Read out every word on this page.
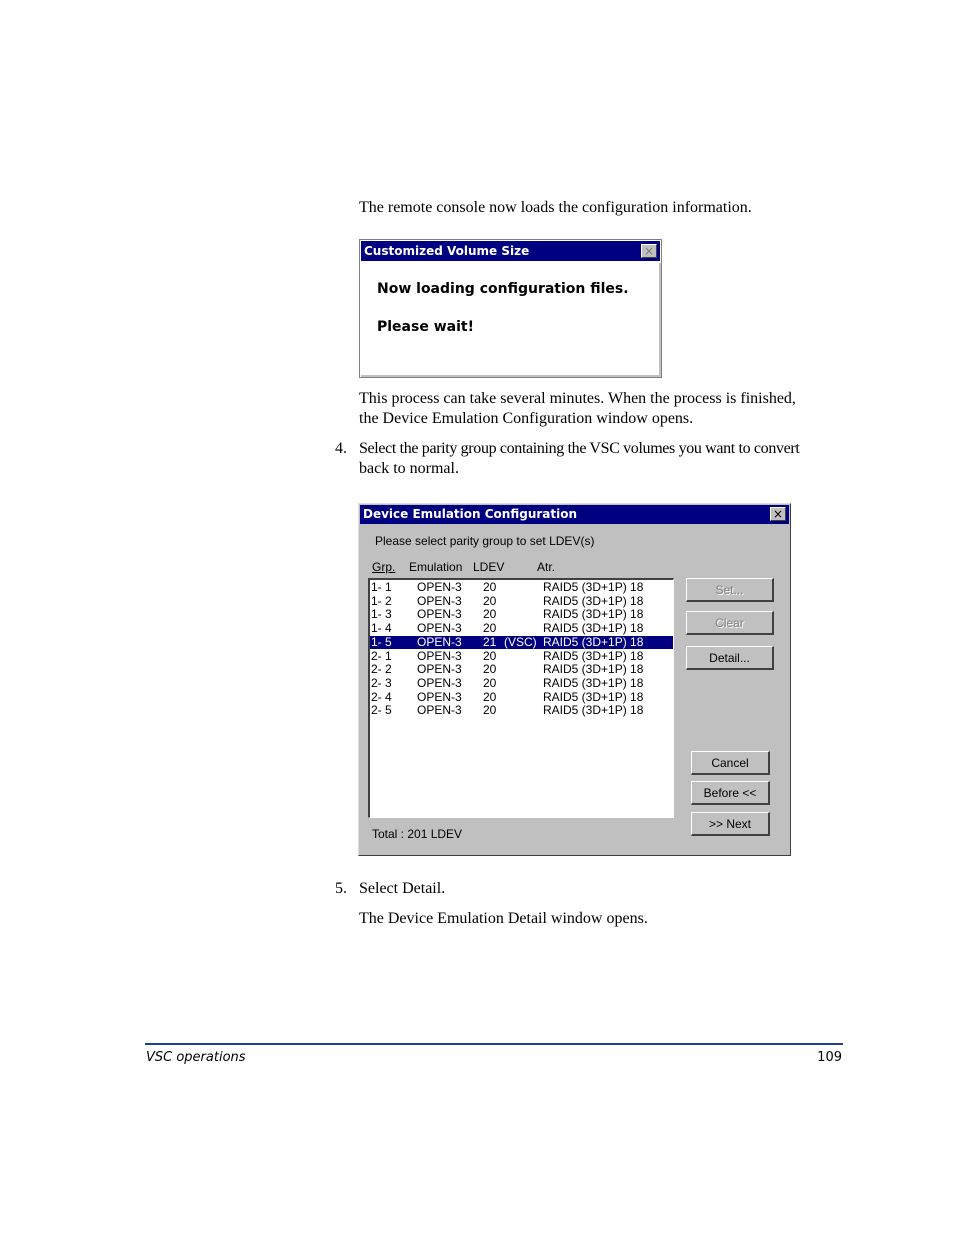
The remote console now loads the configuration information.

Customized Volume Size	×
Now loading configuration files.
Please wait!

This process can take several minutes. When the process is finished,

the Device Emulation Configuration window opens.

4. Select the parity group containing the VSC volumes you want to convert

back to normal.

Device Emulation Configuration	×
Please select parity group to set LDEV(s)
Grp. Emulation LDEV	Atr.
1- 1 OPEN-3 20	RAID5 (3D+1P) 18
1- 2 OPEN-3 20	RAID5 (3D+1P) 18
1- 3 OPEN-3 20	RAID5 (3D+1P) 18
1- 4 OPEN-3 20	RAID5 (3D+1P) 18
1- 5 OPEN-3 21 (VSC) RAID5 (3D+1P) 18
2- 1 OPEN-3 20	RAID5 (3D+1P) 18
2- 2 OPEN-3 20	RAID5 (3D+1P) 18
2- 3 OPEN-3 20	RAID5 (3D+1P) 18
2- 4 OPEN-3 20	RAID5 (3D+1P) 18
2- 5 OPEN-3 20	RAID5 (3D+1P) 18
Total : 201 LDEV
Set...
Clear
Detail...
Cancel
Before <<
>> Next
5. Select Detail.

The Device Emulation Detail window opens.

VSC operations	109
